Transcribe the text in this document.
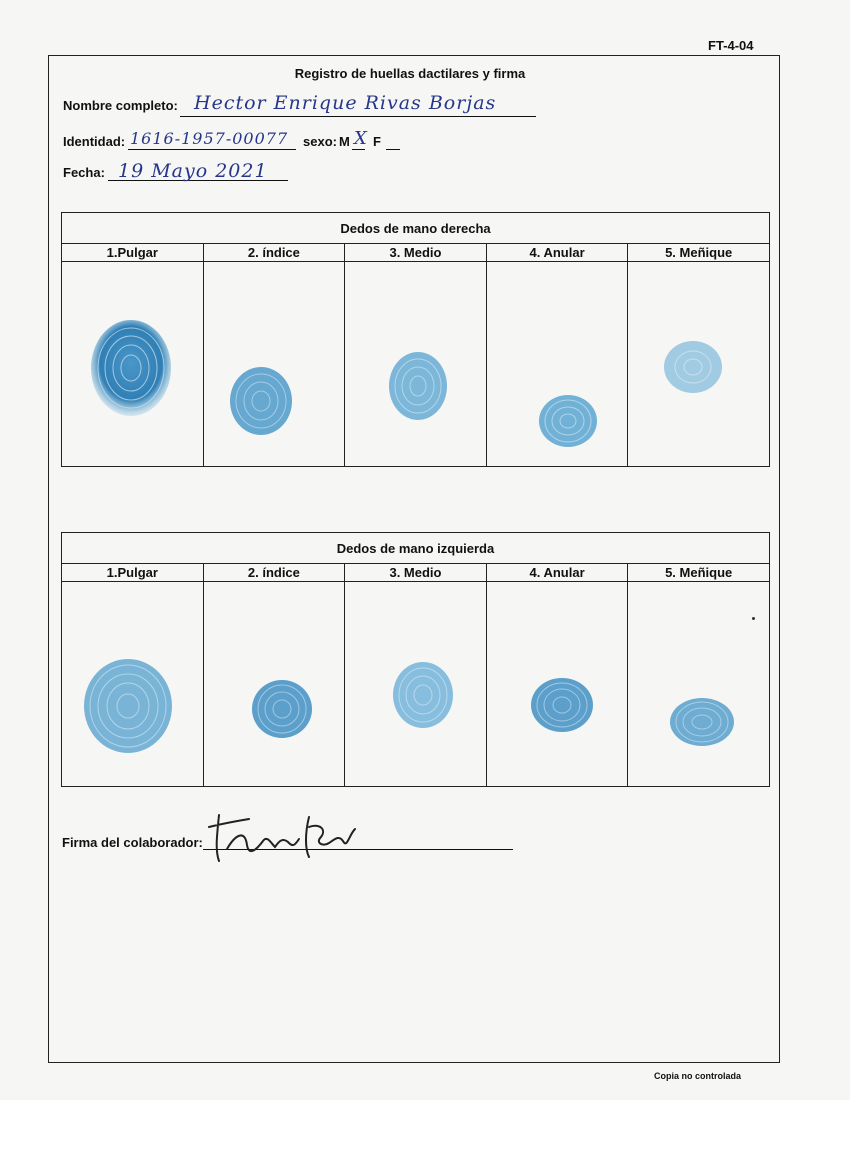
FT-4-04
Registro de huellas dactilares y firma
Nombre completo: Hector Enrique Rivas Borjas
Identidad: 1616-1957-00077 sexo: M X F
Fecha: 19 Mayo 2021
Dedos de mano derecha
1.Pulgar	2. índice	3. Medio	4. Anular	5. Meñique
Dedos de mano izquierda
1.Pulgar	2. índice	3. Medio	4. Anular	5. Meñique
Firma del colaborador:
Copia no controlada
